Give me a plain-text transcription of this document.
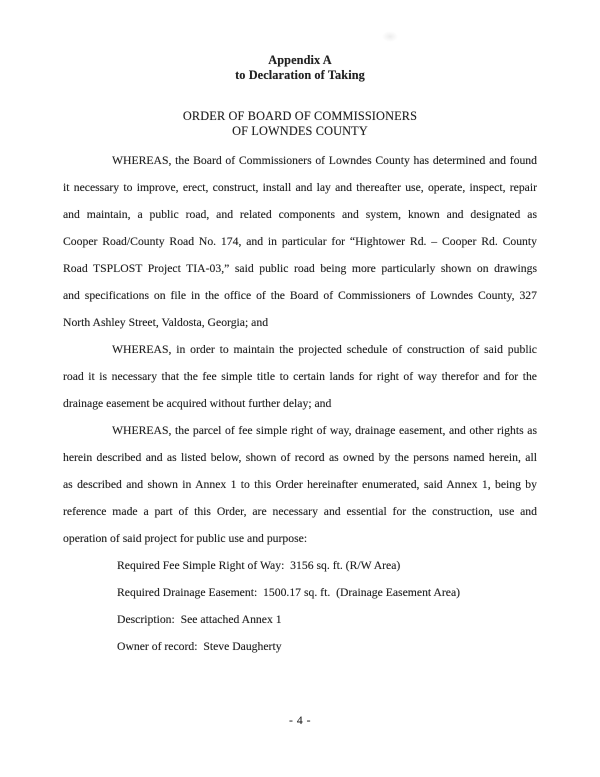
Appendix A
to Declaration of Taking
ORDER OF BOARD OF COMMISSIONERS
OF LOWNDES COUNTY
WHEREAS, the Board of Commissioners of Lowndes County has determined and found
it necessary to improve, erect, construct, install and lay and thereafter use, operate, inspect, repair
and maintain, a public road, and related components and system, known and designated as
Cooper Road/County Road No. 174, and in particular for “Hightower Rd. – Cooper Rd. County
Road TSPLOST Project TIA-03,” said public road being more particularly shown on drawings
and specifications on file in the office of the Board of Commissioners of Lowndes County, 327
North Ashley Street, Valdosta, Georgia; and
WHEREAS, in order to maintain the projected schedule of construction of said public
road it is necessary that the fee simple title to certain lands for right of way therefor and for the
drainage easement be acquired without further delay; and
WHEREAS, the parcel of fee simple right of way, drainage easement, and other rights as
herein described and as listed below, shown of record as owned by the persons named herein, all
as described and shown in Annex 1 to this Order hereinafter enumerated, said Annex 1, being by
reference made a part of this Order, are necessary and essential for the construction, use and
operation of said project for public use and purpose:
Required Fee Simple Right of Way:  3156 sq. ft. (R/W Area)
Required Drainage Easement:  1500.17 sq. ft.  (Drainage Easement Area)
Description:  See attached Annex 1
Owner of record:  Steve Daugherty
- 4 -
